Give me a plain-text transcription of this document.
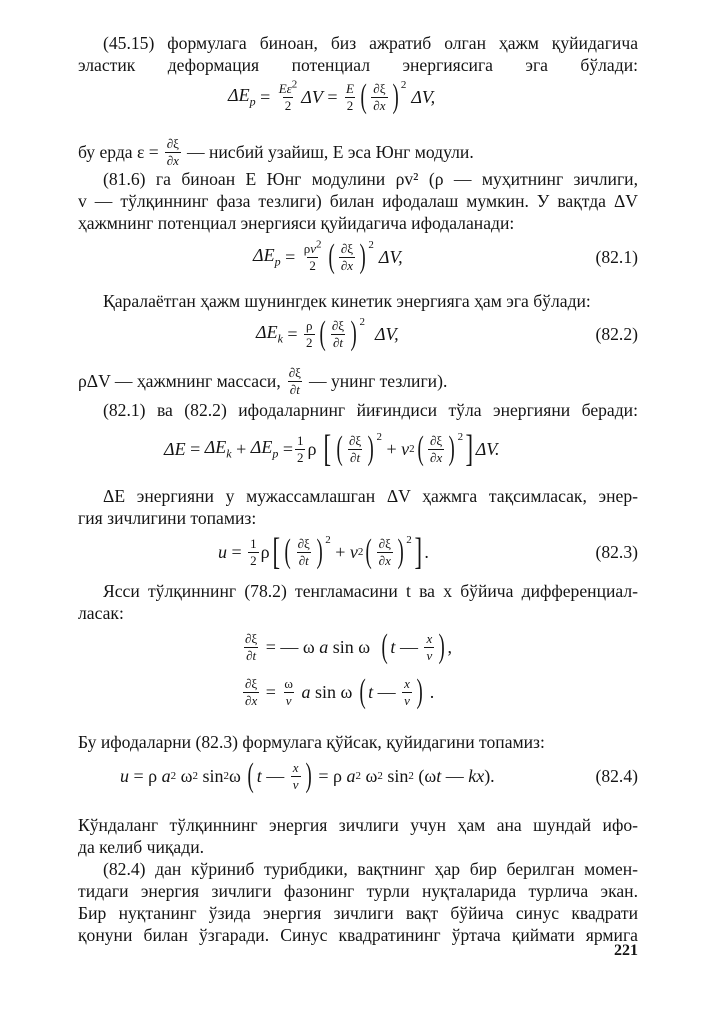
(45.15) формулага биноан, биз ажратиб олган ҳажм қуйидагича
эластик деформация потенциал энергиясига эга бўлади:
$\Delta E_p = E\varepsilon^2$
2 ΔV = E
2 ( ∂ξ
∂x )$^2$
ΔV,
бу ерда $\varepsilon = \frac{\partial\xi}{\partial x}$ — нисбий узайиш, E эса Юнг модули.
(81.6) га биноан E Юнг модулини ρv² (ρ — муҳитнинг зичлиги,
v — тўлқиннинг фаза тезлиги) билан ифодалаш мумкин. У вақтда ΔV
ҳажмнинг потенциал энергияси қуйидагича ифодаланади:
$\Delta E_p = \rho v^2$
2 ( ∂ξ
∂x )$^2$
ΔV,	(82.1)
Қаралаётган ҳажм шунингдек кинетик энергияга ҳам эга бўлади:
$\Delta E_k = \rho$
2 ( ∂ξ
∂t )$^2$
ΔV,	(82.2)
ρΔV — ҳажмнинг массаси, ∂ξ
∂t — унинг тезлиги).
(82.1) ва (82.2) ифодаларнинг йиғиндиси тўла энергияни беради:
$\Delta E = \Delta E_k + \Delta E_p = 1$
2 ρ [ ( ∂ξ
∂t )$^2$
+ v 2 ( ∂ξ
∂x )$^2$ ] ΔV.
ΔE энергияни у мужассамлашган ΔV ҳажмга тақсимласак, энер-
гия зичлигини топамиз:
u = 1
2 ρ [ ( ∂ξ
∂t )$^2$
+ v 2 ( ∂ξ
∂x )$^2$ ] .	(82.3)
Ясси тўлқиннинг (78.2) тенгламасини t ва x бўйича дифференциал-
ласак:
∂ξ
∂t = — ω a sin ω ( t — x
v ) ,
∂ξ
∂x = ω
v
a sin ω ( t — x
v ) .
Бу ифодаларни (82.3) формулага қўйсак, қуйидагини топамиз:
u = ρ a 2 ω 2 sin 2 ω ( t — x
v ) = ρ a 2 ω 2 sin 2 (ω t — kx ).	(82.4)
Кўндаланг тўлқиннинг энергия зичлиги учун ҳам ана шундай ифо-
да келиб чиқади.
(82.4) дан кўриниб турибдики, вақтнинг ҳар бир берилган момен-
тидаги энергия зичлиги фазонинг турли нуқталарида турлича экан.
Бир нуқтанинг ўзида энергия зичлиги вақт бўйича синус квадрати
қонуни билан ўзгаради. Синус квадратининг ўртача қиймати ярмига
221
